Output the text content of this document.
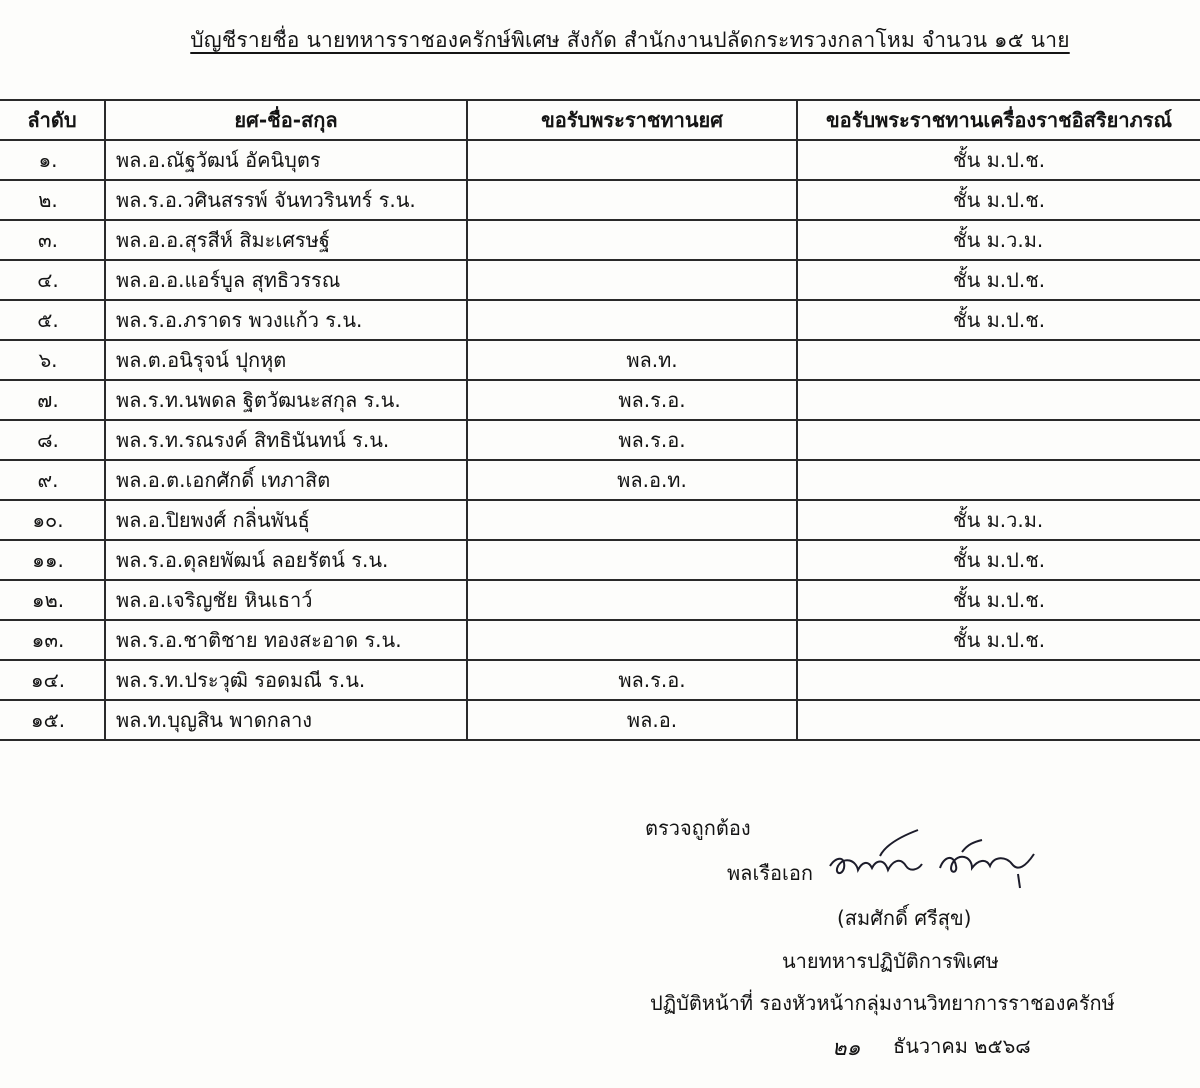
บัญชีรายชื่อ นายทหารราชองครักษ์พิเศษ สังกัด สำนักงานปลัดกระทรวงกลาโหม จำนวน ๑๕ นาย
ลำดับ	ยศ-ชื่อ-สกุล	ขอรับพระราชทานยศ	ขอรับพระราชทานเครื่องราชอิสริยาภรณ์
๑.	พล.อ.ณัฐวัฒน์ อัคนิบุตร		ชั้น ม.ป.ช.
๒.	พล.ร.อ.วศินสรรพ์ จันทวรินทร์ ร.น.		ชั้น ม.ป.ช.
๓.	พล.อ.อ.สุรสีห์ สิมะเศรษฐ์		ชั้น ม.ว.ม.
๔.	พล.อ.อ.แอร์บูล สุทธิวรรณ		ชั้น ม.ป.ช.
๕.	พล.ร.อ.ภราดร พวงแก้ว ร.น.		ชั้น ม.ป.ช.
๖.	พล.ต.อนิรุจน์ ปุกหุต	พล.ท.	
๗.	พล.ร.ท.นพดล ฐิตวัฒนะสกุล ร.น.	พล.ร.อ.	
๘.	พล.ร.ท.รณรงค์ สิทธินันทน์ ร.น.	พล.ร.อ.	
๙.	พล.อ.ต.เอกศักดิ์ เทภาสิต	พล.อ.ท.	
๑๐.	พล.อ.ปิยพงศ์ กลิ่นพันธุ์		ชั้น ม.ว.ม.
๑๑.	พล.ร.อ.ดุลยพัฒน์ ลอยรัตน์ ร.น.		ชั้น ม.ป.ช.
๑๒.	พล.อ.เจริญชัย หินเธาว์		ชั้น ม.ป.ช.
๑๓.	พล.ร.อ.ชาติชาย ทองสะอาด ร.น.		ชั้น ม.ป.ช.
๑๔.	พล.ร.ท.ประวุฒิ รอดมณี ร.น.	พล.ร.อ.	
๑๕.	พล.ท.บุญสิน พาดกลาง	พล.อ.	
ตรวจถูกต้อง
พลเรือเอก
(สมศักดิ์ ศรีสุข)
นายทหารปฏิบัติการพิเศษ
ปฏิบัติหน้าที่ รองหัวหน้ากลุ่มงานวิทยาการราชองครักษ์
๒๑ ธันวาคม ๒๕๖๘
